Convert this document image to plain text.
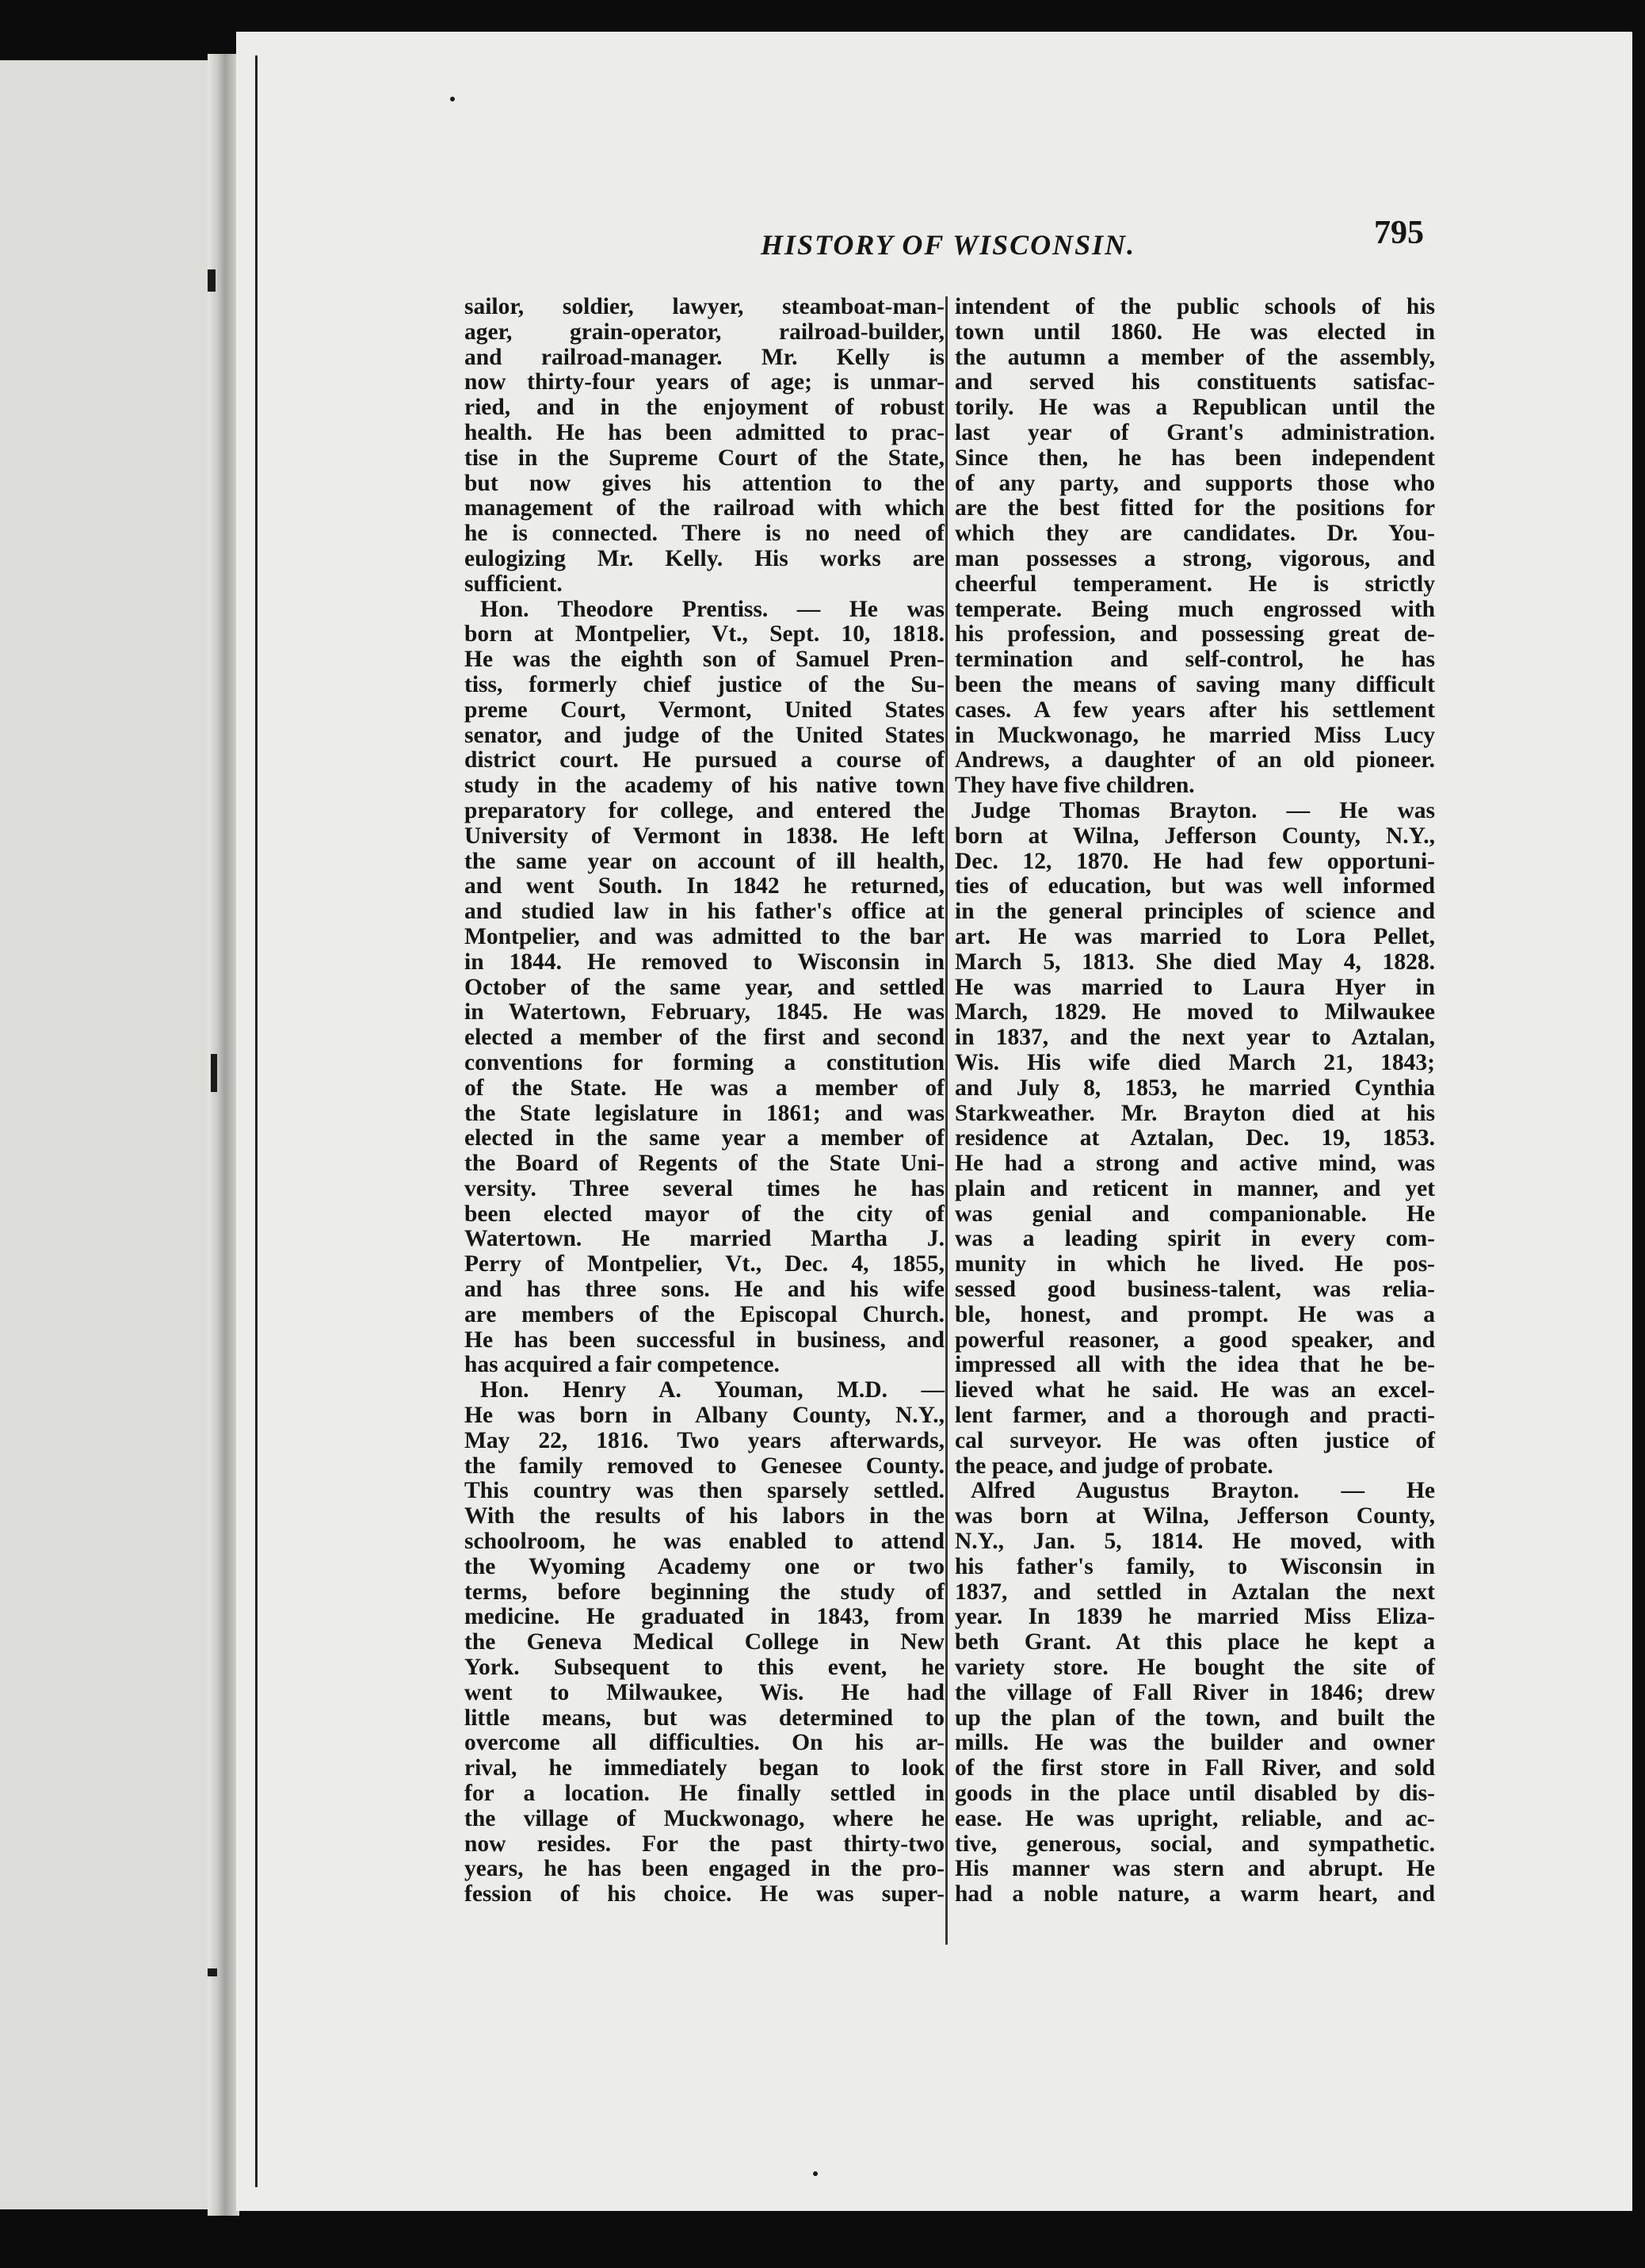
HISTORY OF WISCONSIN.	795
sailor, soldier, lawyer, steamboat-man-
ager, grain-operator, railroad-builder,
and railroad-manager. Mr. Kelly is
now thirty-four years of age; is unmar-
ried, and in the enjoyment of robust
health. He has been admitted to prac-
tise in the Supreme Court of the State,
but now gives his attention to the
management of the railroad with which
he is connected. There is no need of
eulogizing Mr. Kelly. His works are
sufficient.
Hon. Theodore Prentiss. — He was
born at Montpelier, Vt., Sept. 10, 1818.
He was the eighth son of Samuel Pren-
tiss, formerly chief justice of the Su-
preme Court, Vermont, United States
senator, and judge of the United States
district court. He pursued a course of
study in the academy of his native town
preparatory for college, and entered the
University of Vermont in 1838. He left
the same year on account of ill health,
and went South. In 1842 he returned,
and studied law in his father's office at
Montpelier, and was admitted to the bar
in 1844. He removed to Wisconsin in
October of the same year, and settled
in Watertown, February, 1845. He was
elected a member of the first and second
conventions for forming a constitution
of the State. He was a member of
the State legislature in 1861; and was
elected in the same year a member of
the Board of Regents of the State Uni-
versity. Three several times he has
been elected mayor of the city of
Watertown. He married Martha J.
Perry of Montpelier, Vt., Dec. 4, 1855,
and has three sons. He and his wife
are members of the Episcopal Church.
He has been successful in business, and
has acquired a fair competence.
Hon. Henry A. Youman, M.D. —
He was born in Albany County, N.Y.,
May 22, 1816. Two years afterwards,
the family removed to Genesee County.
This country was then sparsely settled.
With the results of his labors in the
schoolroom, he was enabled to attend
the Wyoming Academy one or two
terms, before beginning the study of
medicine. He graduated in 1843, from
the Geneva Medical College in New
York. Subsequent to this event, he
went to Milwaukee, Wis. He had
little means, but was determined to
overcome all difficulties. On his ar-
rival, he immediately began to look
for a location. He finally settled in
the village of Muckwonago, where he
now resides. For the past thirty-two
years, he has been engaged in the pro-
fession of his choice. He was super-
intendent of the public schools of his
town until 1860. He was elected in
the autumn a member of the assembly,
and served his constituents satisfac-
torily. He was a Republican until the
last year of Grant's administration.
Since then, he has been independent
of any party, and supports those who
are the best fitted for the positions for
which they are candidates. Dr. You-
man possesses a strong, vigorous, and
cheerful temperament. He is strictly
temperate. Being much engrossed with
his profession, and possessing great de-
termination and self-control, he has
been the means of saving many difficult
cases. A few years after his settlement
in Muckwonago, he married Miss Lucy
Andrews, a daughter of an old pioneer.
They have five children.
Judge Thomas Brayton. — He was
born at Wilna, Jefferson County, N.Y.,
Dec. 12, 1870. He had few opportuni-
ties of education, but was well informed
in the general principles of science and
art. He was married to Lora Pellet,
March 5, 1813. She died May 4, 1828.
He was married to Laura Hyer in
March, 1829. He moved to Milwaukee
in 1837, and the next year to Aztalan,
Wis. His wife died March 21, 1843;
and July 8, 1853, he married Cynthia
Starkweather. Mr. Brayton died at his
residence at Aztalan, Dec. 19, 1853.
He had a strong and active mind, was
plain and reticent in manner, and yet
was genial and companionable. He
was a leading spirit in every com-
munity in which he lived. He pos-
sessed good business-talent, was relia-
ble, honest, and prompt. He was a
powerful reasoner, a good speaker, and
impressed all with the idea that he be-
lieved what he said. He was an excel-
lent farmer, and a thorough and practi-
cal surveyor. He was often justice of
the peace, and judge of probate.
Alfred Augustus Brayton. — He
was born at Wilna, Jefferson County,
N.Y., Jan. 5, 1814. He moved, with
his father's family, to Wisconsin in
1837, and settled in Aztalan the next
year. In 1839 he married Miss Eliza-
beth Grant. At this place he kept a
variety store. He bought the site of
the village of Fall River in 1846; drew
up the plan of the town, and built the
mills. He was the builder and owner
of the first store in Fall River, and sold
goods in the place until disabled by dis-
ease. He was upright, reliable, and ac-
tive, generous, social, and sympathetic.
His manner was stern and abrupt. He
had a noble nature, a warm heart, and
